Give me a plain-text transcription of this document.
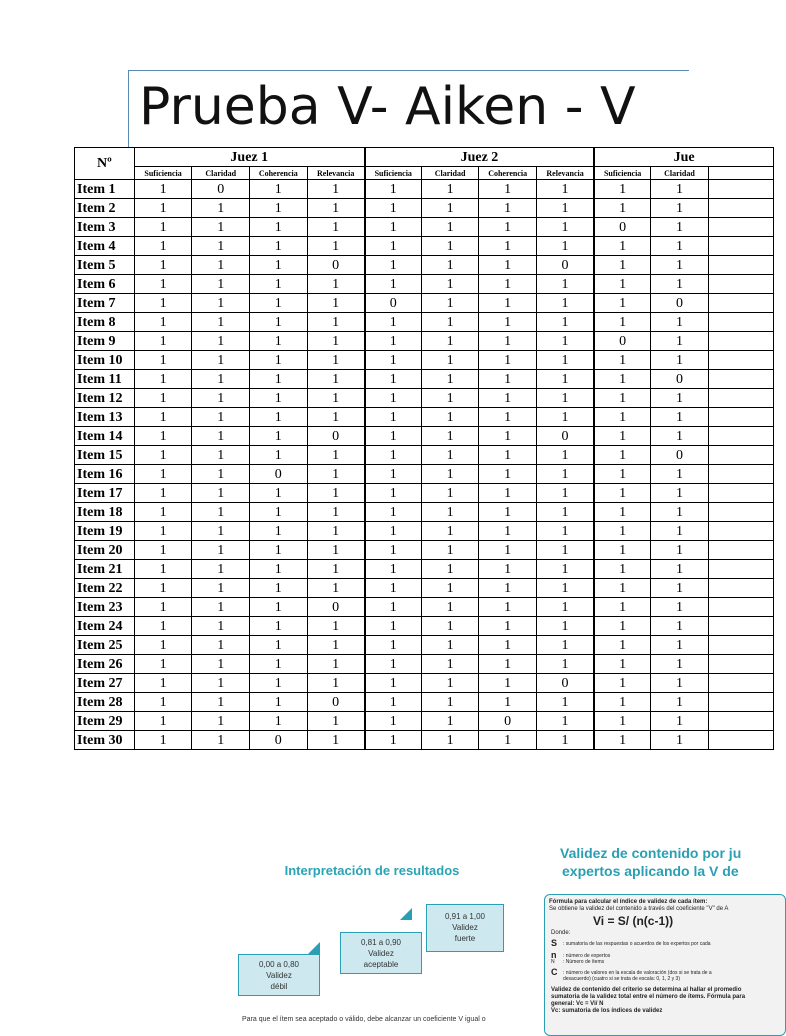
Prueba V- Aiken - V
Nº	Juez 1				Juez 2				Jue		
	Suficiencia	Claridad	Coherencia	Relevancia	Suficiencia	Claridad	Coherencia	Relevancia	Suficiencia	Claridad	
Item 1	1	0	1	1	1	1	1	1	1	1	
Item 2	1	1	1	1	1	1	1	1	1	1	
Item 3	1	1	1	1	1	1	1	1	0	1	
Item 4	1	1	1	1	1	1	1	1	1	1	
Item 5	1	1	1	0	1	1	1	0	1	1	
Item 6	1	1	1	1	1	1	1	1	1	1	
Item 7	1	1	1	1	0	1	1	1	1	0	
Item 8	1	1	1	1	1	1	1	1	1	1	
Item 9	1	1	1	1	1	1	1	1	0	1	
Item 10	1	1	1	1	1	1	1	1	1	1	
Item 11	1	1	1	1	1	1	1	1	1	0	
Item 12	1	1	1	1	1	1	1	1	1	1	
Item 13	1	1	1	1	1	1	1	1	1	1	
Item 14	1	1	1	0	1	1	1	0	1	1	
Item 15	1	1	1	1	1	1	1	1	1	0	
Item 16	1	1	0	1	1	1	1	1	1	1	
Item 17	1	1	1	1	1	1	1	1	1	1	
Item 18	1	1	1	1	1	1	1	1	1	1	
Item 19	1	1	1	1	1	1	1	1	1	1	
Item 20	1	1	1	1	1	1	1	1	1	1	
Item 21	1	1	1	1	1	1	1	1	1	1	
Item 22	1	1	1	1	1	1	1	1	1	1	
Item 23	1	1	1	0	1	1	1	1	1	1	
Item 24	1	1	1	1	1	1	1	1	1	1	
Item 25	1	1	1	1	1	1	1	1	1	1	
Item 26	1	1	1	1	1	1	1	1	1	1	
Item 27	1	1	1	1	1	1	1	0	1	1	
Item 28	1	1	1	0	1	1	1	1	1	1	
Item 29	1	1	1	1	1	1	0	1	1	1	
Item 30	1	1	0	1	1	1	1	1	1	1	
Interpretación de resultados
0,00 a 0,80
Validez débil
0,81 a 0,90
Validez aceptable
0,91 a 1,00
Validez fuerte
Para que el ítem sea aceptado o válido, debe alcanzar un coeficiente V igual o
Validez de contenido por ju
expertos aplicando la V de
Fórmula para calcular el índice de validez de cada ítem:
Se obtiene la validez del contenido a través del coeficiente "V" de A
Vi = S/ (n(c-1))
Donde:
S : sumatoria de las respuestas o acuerdos de los expertos por cada
n : número de expertos
N : Número de ítems
C : número de valores en la escala de valoración (dos si se trata de a
desacuerdo) (cuatro si se trata de escala: 0, 1, 2 y 3)
Validez de contenido del criterio se determina al hallar el promedio
sumatoria de la validez total entre el número de ítems. Fórmula para
general: Vc = Vi/ N
Vc: sumatoria de los índices de validez
